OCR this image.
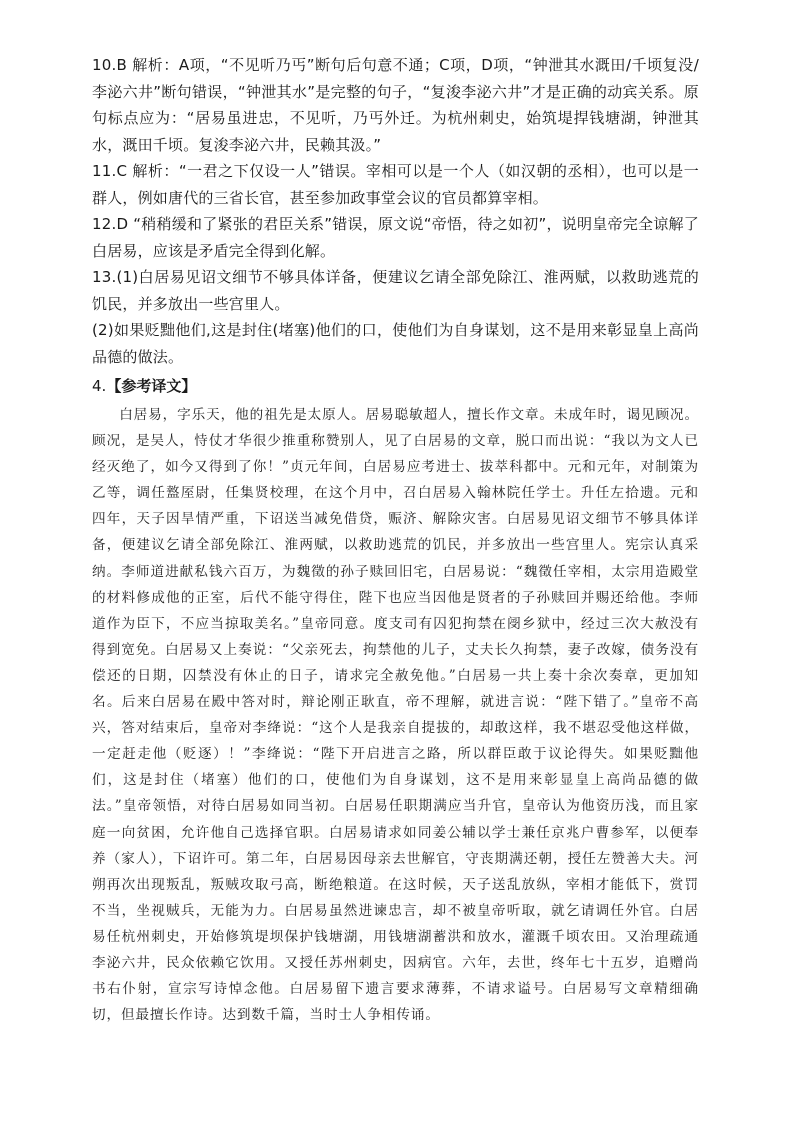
10.B 解析：A项，“不见听乃丐”断句后句意不通；C项，D项，“钟泄其水溉田/千顷复没/李泌六井”断句错误，“钟泄其水”是完整的句子，“复浚李泌六井”才是正确的动宾关系。原句标点应为：“居易虽进忠，不见听，乃丐外迁。为杭州刺史，始筑堤捍钱塘湖，钟泄其水，溉田千顷。复浚李泌六井，民赖其汲。”

11.C 解析：“一君之下仅设一人”错误。宰相可以是一个人（如汉朝的丞相），也可以是一群人，例如唐代的三省长官，甚至参加政事堂会议的官员都算宰相。

12.D “稍稍缓和了紧张的君臣关系”错误，原文说“帝悟，待之如初”，说明皇帝完全谅解了白居易，应该是矛盾完全得到化解。

13.(1)白居易见诏文细节不够具体详备，便建议乞请全部免除江、淮两赋，以救助逃荒的饥民，并多放出一些宫里人。

(2)如果贬黜他们,这是封住(堵塞)他们的口，使他们为自身谋划，这不是用来彰显皇上高尚品德的做法。

4.【参考译文】

白居易，字乐天，他的祖先是太原人。居易聪敏超人，擅长作文章。未成年时，谒见顾况。顾况，是吴人，恃仗才华很少推重称赞别人，见了白居易的文章，脱口而出说：“我以为文人已经灭绝了，如今又得到了你！”贞元年间，白居易应考进士、拔萃科都中。元和元年，对制策为乙等，调任盩厔尉，任集贤校理，在这个月中，召白居易入翰林院任学士。升任左拾遗。元和四年，天子因旱情严重，下诏送当减免借贷，赈济、解除灾害。白居易见诏文细节不够具体详备，便建议乞请全部免除江、淮两赋，以救助逃荒的饥民，并多放出一些宫里人。宪宗认真采纳。李师道进献私钱六百万，为魏徵的孙子赎回旧宅，白居易说：“魏徵任宰相，太宗用造殿堂的材料修成他的正室，后代不能守得住，陛下也应当因他是贤者的子孙赎回并赐还给他。李师道作为臣下，不应当掠取美名。”皇帝同意。度支司有囚犯拘禁在阌乡狱中，经过三次大赦没有得到宽免。白居易又上奏说：“父亲死去，拘禁他的儿子，丈夫长久拘禁，妻子改嫁，债务没有偿还的日期，囚禁没有休止的日子，请求完全赦免他。”白居易一共上奏十余次奏章，更加知名。后来白居易在殿中答对时，辩论刚正耿直，帝不理解，就进言说：“陛下错了。”皇帝不高兴，答对结束后，皇帝对李绛说：“这个人是我亲自提拔的，却敢这样，我不堪忍受他这样做，一定赶走他（贬逐）！”李绛说：“陛下开启进言之路，所以群臣敢于议论得失。如果贬黜他们，这是封住（堵塞）他们的口，使他们为自身谋划，这不是用来彰显皇上高尚品德的做法。”皇帝领悟，对待白居易如同当初。白居易任职期满应当升官，皇帝认为他资历浅，而且家庭一向贫困，允许他自己选择官职。白居易请求如同姜公辅以学士兼任京兆户曹参军，以便奉养（家人），下诏许可。第二年，白居易因母亲去世解官，守丧期满还朝，授任左赞善大夫。河朔再次出现叛乱，叛贼攻取弓高，断绝粮道。在这时候，天子送乱放纵，宰相才能低下，赏罚不当，坐视贼兵，无能为力。白居易虽然进谏忠言，却不被皇帝听取，就乞请调任外官。白居易任杭州刺史，开始修筑堤坝保护钱塘湖，用钱塘湖蓄洪和放水，灌溉千顷农田。又治理疏通李泌六井，民众依赖它饮用。又授任苏州刺史，因病官。六年，去世，终年七十五岁，追赠尚书右仆射，宣宗写诗悼念他。白居易留下遗言要求薄葬，不请求谥号。白居易写文章精细确切，但最擅长作诗。达到数千篇，当时士人争相传诵。
